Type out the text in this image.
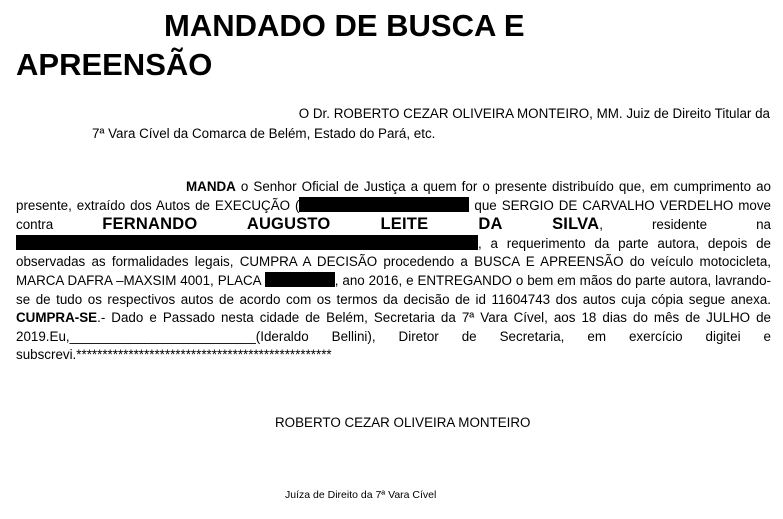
MANDADO DE BUSCA E
APREENSÃO
O Dr. ROBERTO CEZAR OLIVEIRA MONTEIRO, MM. Juiz de Direito Titular da
7ª Vara Cível da Comarca de Belém, Estado do Pará, etc.
MANDA o Senhor Oficial de Justiça a quem for o presente distribuído que, em cumprimento ao presente, extraído dos Autos de EXECUÇÃO (	que SERGIO DE CARVALHO VERDELHO move contra FERNANDO AUGUSTO LEITE DA SILVA, residente na , a requerimento da parte autora, depois de observadas as formalidades legais, CUMPRA A DECISÃO procedendo a BUSCA E APREENSÃO do veículo motocicleta, MARCA DAFRA –MAXSIM 4001, PLACA	, ano 2016, e ENTREGANDO o bem em mãos do parte autora, lavrando-se de tudo os respectivos autos de acordo com os termos da decisão de id 11604743 dos autos cuja cópia segue anexa. CUMPRA-SE.- Dado e Passado nesta cidade de Belém, Secretaria da 7ª Vara Cível, aos 18 dias do mês de JULHO de 2019.Eu,_________________________(Ideraldo Bellini), Diretor de Secretaria, em exercício digitei e subscrevi.*************************************************
ROBERTO CEZAR OLIVEIRA MONTEIRO
Juíza de Direito da 7ª Vara Cível
